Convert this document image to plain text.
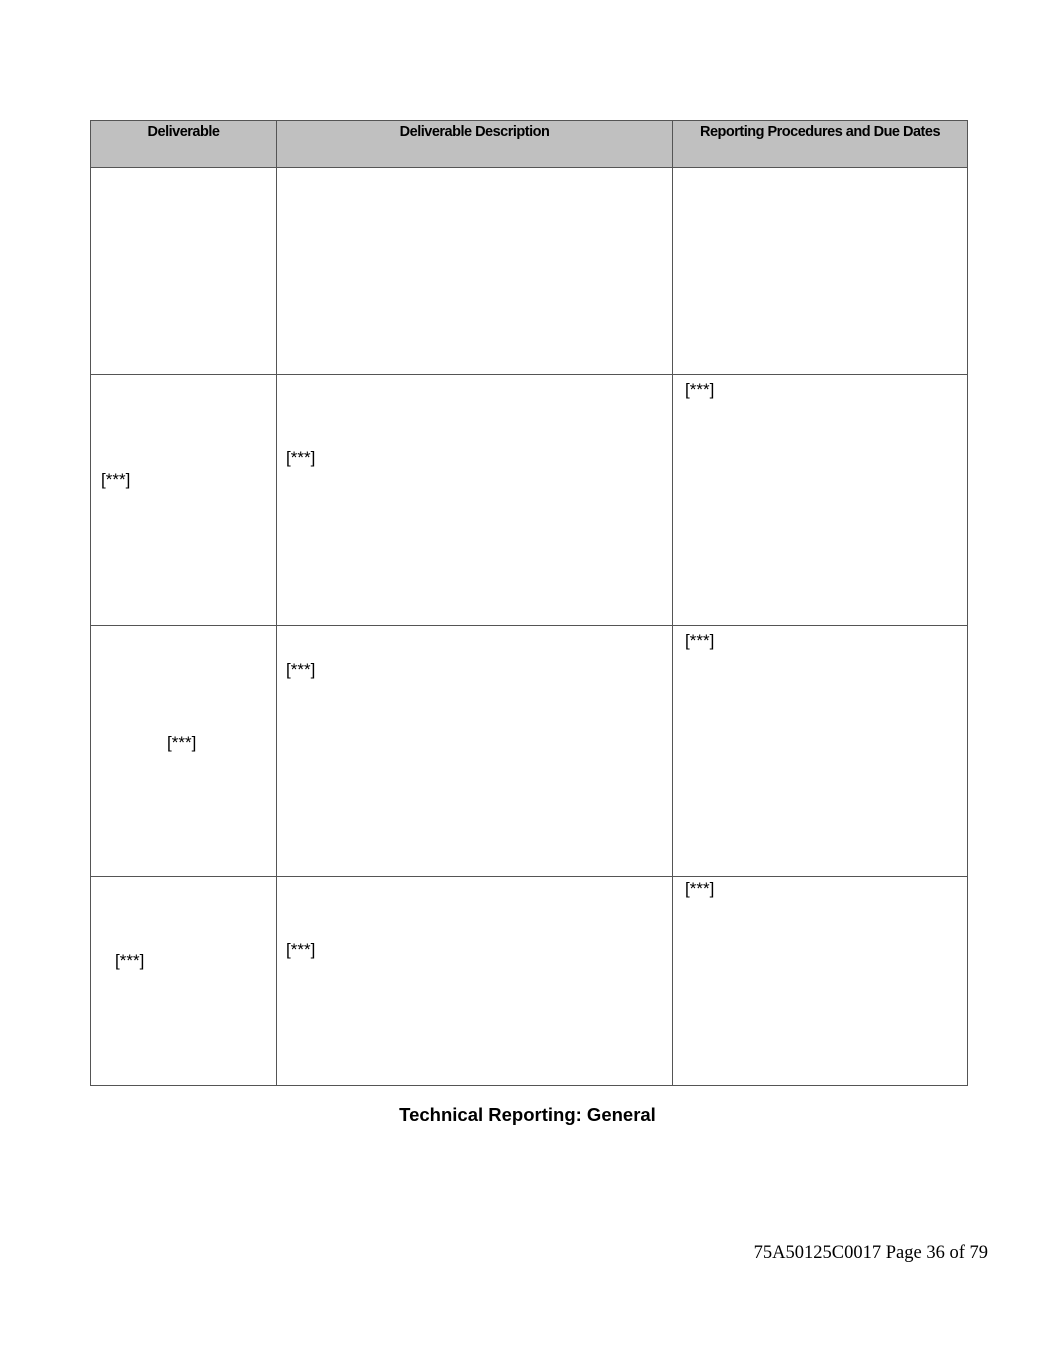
Deliverable	Deliverable Description	Reporting Procedures and Due Dates

[***]	[***]	[***]

[***]	[***]	[***]

[***]	[***]	[***]
Technical Reporting: General
75A50125C0017 Page 36 of 79
